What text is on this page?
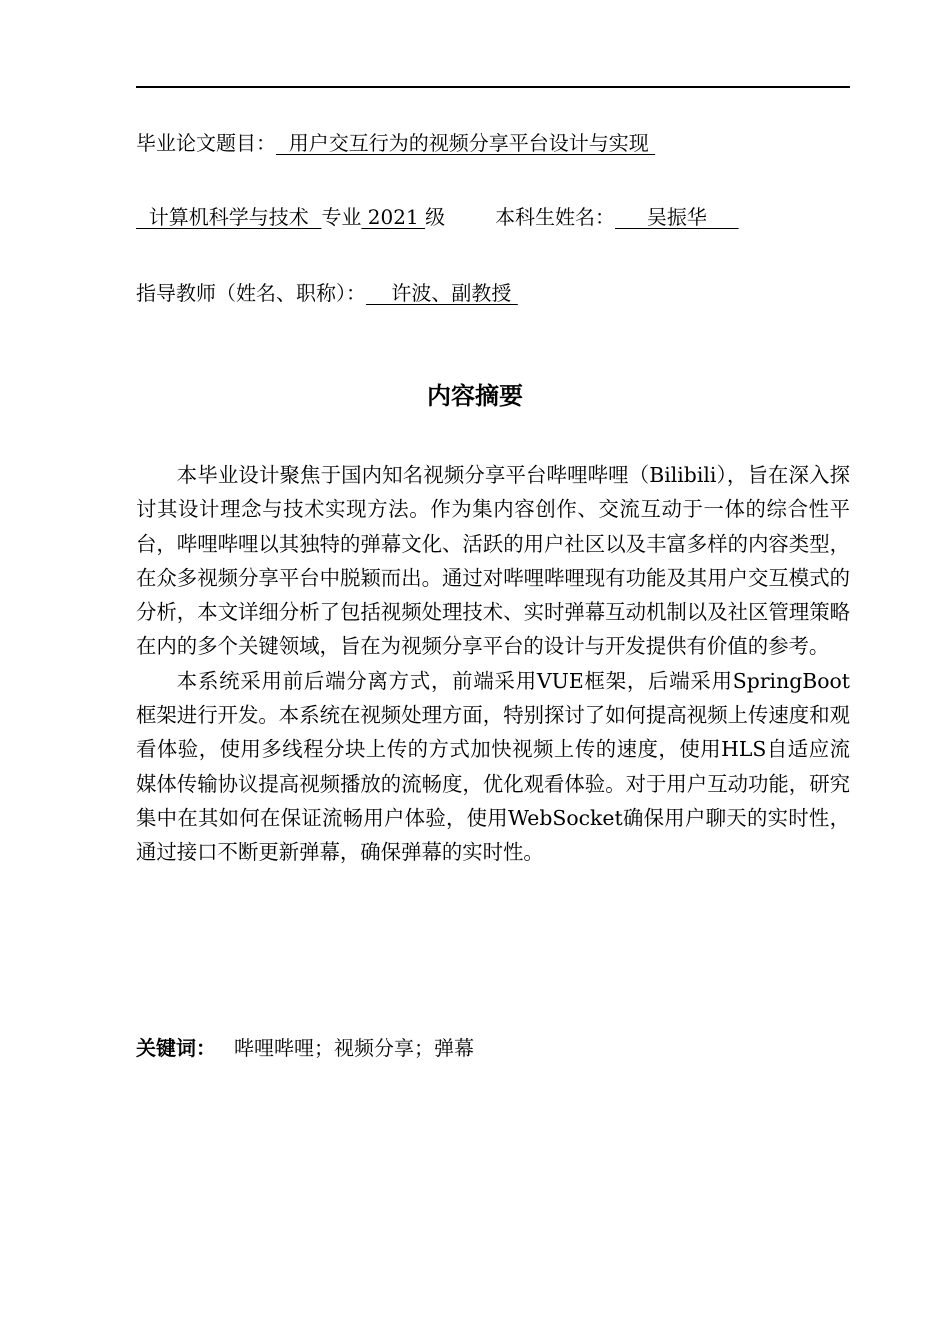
毕业论文题目：  用户交互行为的视频分享平台设计与实现
计算机科学与技术  专业 2021 级	本科生姓名：     吴振华
指导教师（姓名、职称）：    许波、副教授
内容摘要

本毕业设计聚焦于国内知名视频分享平台哔哩哔哩（Bilibili），旨在深入探讨其设计理念与技术实现方法。作为集内容创作、交流互动于一体的综合性平台，哔哩哔哩以其独特的弹幕文化、活跃的用户社区以及丰富多样的内容类型，在众多视频分享平台中脱颖而出。通过对哔哩哔哩现有功能及其用户交互模式的分析，本文详细分析了包括视频处理技术、实时弹幕互动机制以及社区管理策略在内的多个关键领域，旨在为视频分享平台的设计与开发提供有价值的参考。

本系统采用前后端分离方式，前端采用VUE框架，后端采用SpringBoot框架进行开发。本系统在视频处理方面，特别探讨了如何提高视频上传速度和观看体验，使用多线程分块上传的方式加快视频上传的速度，使用HLS自适应流媒体传输协议提高视频播放的流畅度，优化观看体验。对于用户互动功能，研究集中在其如何在保证流畅用户体验，使用WebSocket确保用户聊天的实时性，通过接口不断更新弹幕，确保弹幕的实时性。

关键词： 哔哩哔哩；视频分享；弹幕
